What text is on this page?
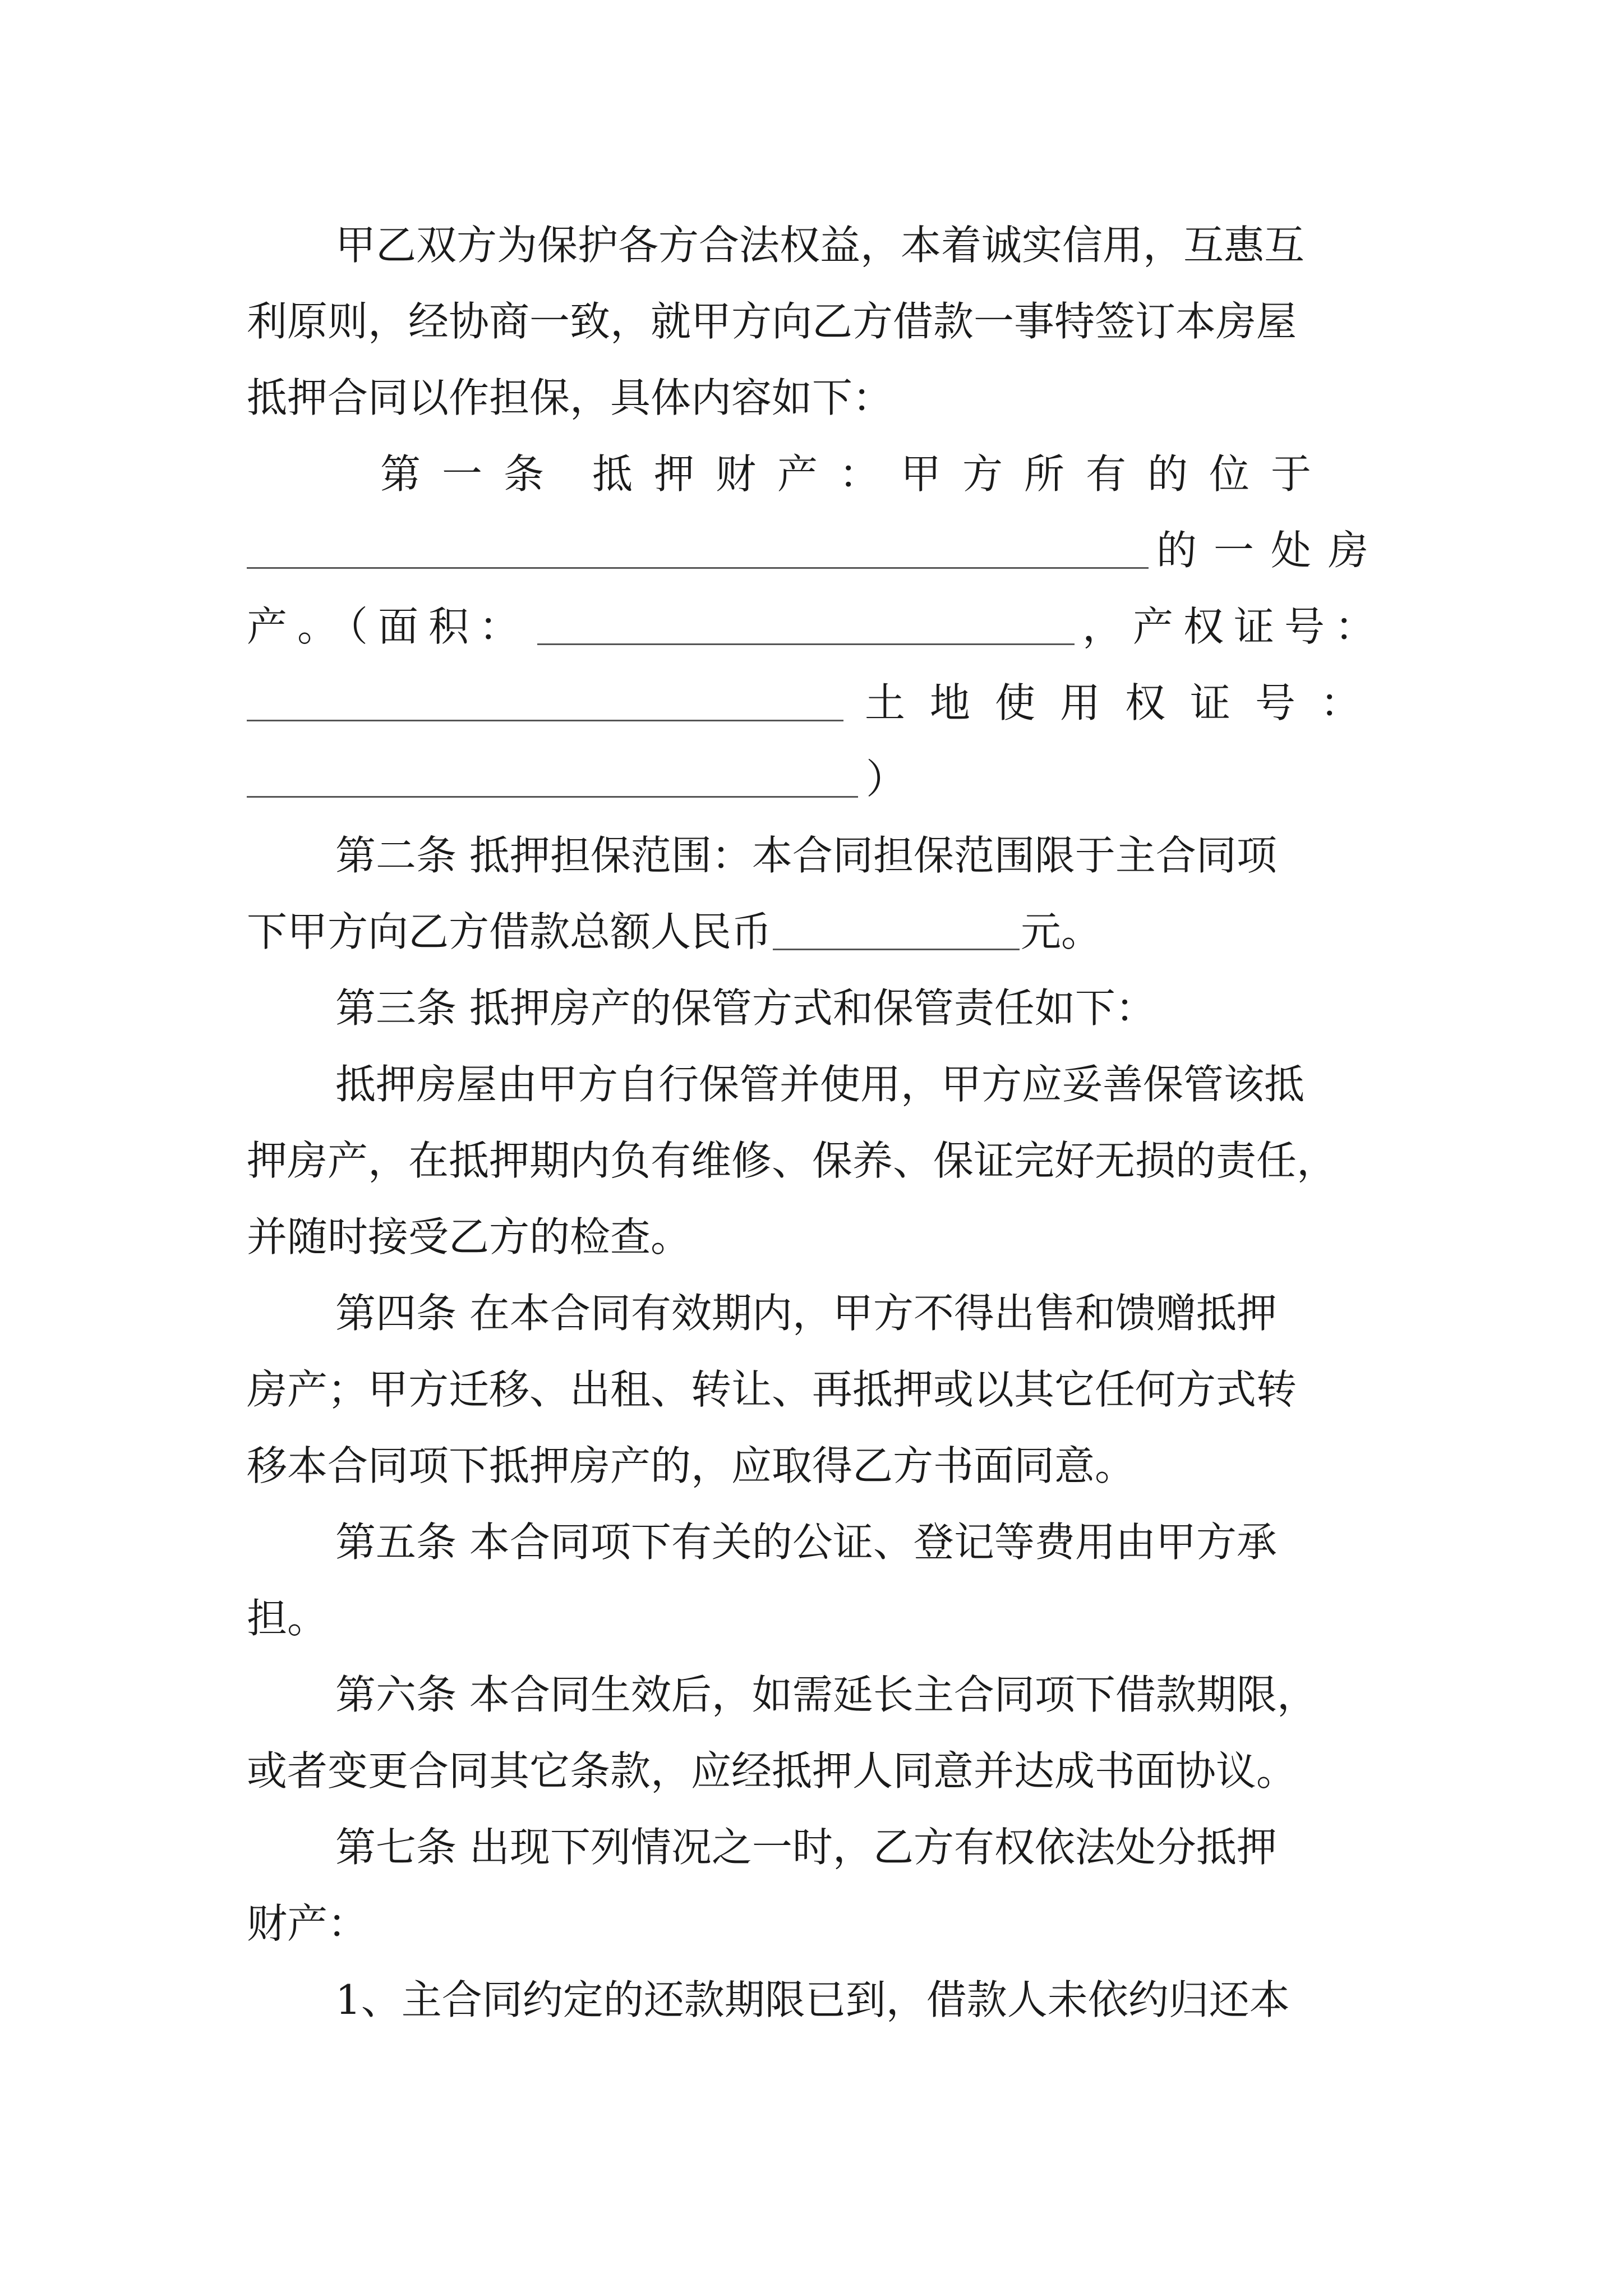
甲乙双方为保护各方合法权益，本着诚实信用，互惠互
利原则，经协商一致，就甲方向乙方借款一事特签订本房屋
抵押合同以作担保，具体内容如下：
第一条 抵押财产：甲方所有的位于
的一处房
产。（面积：	，产权证号：
土地使用权证号：
）
第二条 抵押担保范围：本合同担保范围限于主合同项
下甲方向乙方借款总额人民币	元。
第三条 抵押房产的保管方式和保管责任如下：
抵押房屋由甲方自行保管并使用，甲方应妥善保管该抵
押房产，在抵押期内负有维修、保养、保证完好无损的责任，
并随时接受乙方的检查。
第四条 在本合同有效期内，甲方不得出售和馈赠抵押
房产；甲方迁移、出租、转让、再抵押或以其它任何方式转
移本合同项下抵押房产的，应取得乙方书面同意。
第五条 本合同项下有关的公证、登记等费用由甲方承
担。
第六条 本合同生效后，如需延长主合同项下借款期限，
或者变更合同其它条款，应经抵押人同意并达成书面协议。
第七条 出现下列情况之一时，乙方有权依法处分抵押
财产：
1、主合同约定的还款期限已到，借款人未依约归还本
